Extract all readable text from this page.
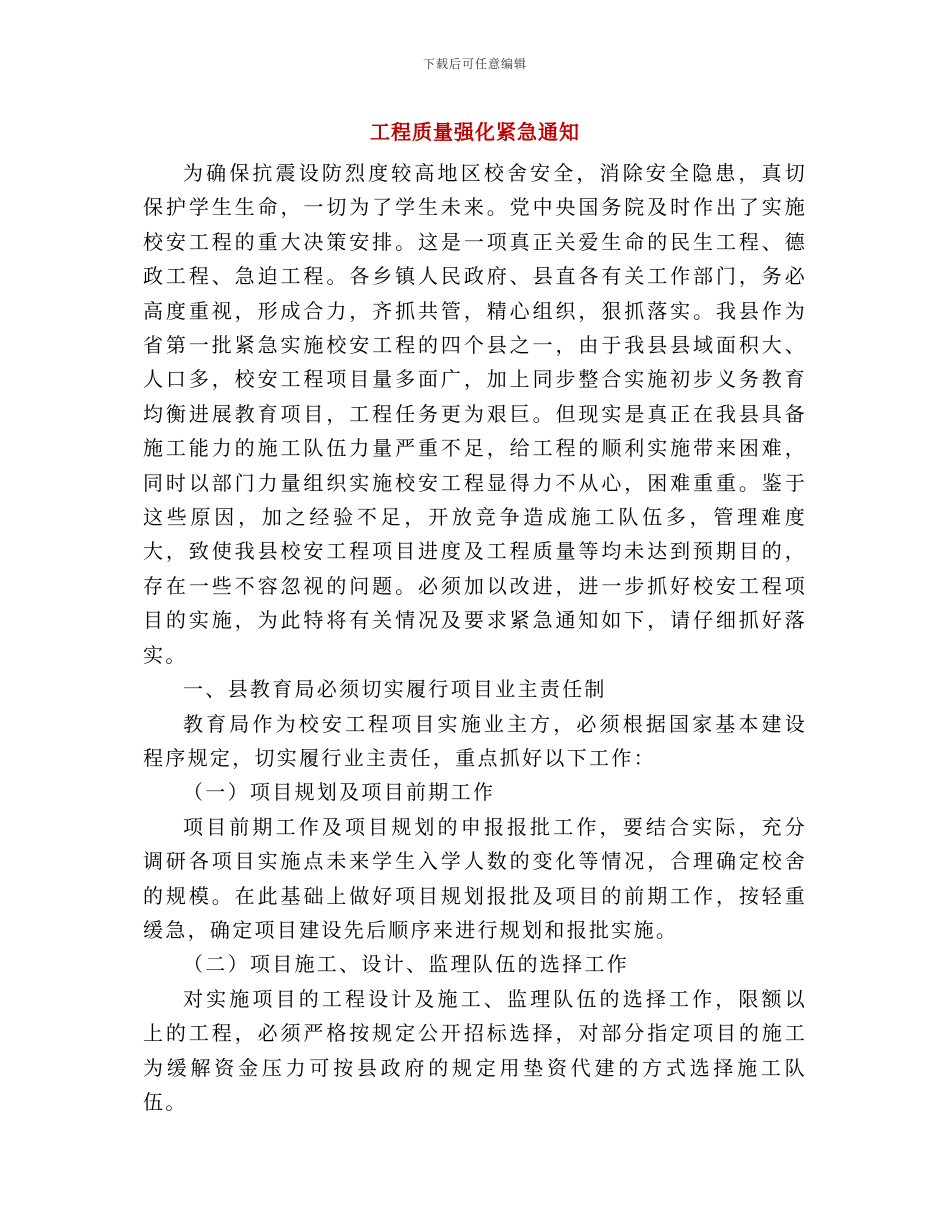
下载后可任意编辑
工程质量强化紧急通知

为确保抗震设防烈度较高地区校舍安全，消除安全隐患，真切保护学生生命，一切为了学生未来。党中央国务院及时作出了实施校安工程的重大决策安排。这是一项真正关爱生命的民生工程、德政工程、急迫工程。各乡镇人民政府、县直各有关工作部门，务必高度重视，形成合力，齐抓共管，精心组织，狠抓落实。我县作为省第一批紧急实施校安工程的四个县之一，由于我县县域面积大、人口多，校安工程项目量多面广，加上同步整合实施初步义务教育均衡进展教育项目，工程任务更为艰巨。但现实是真正在我县具备施工能力的施工队伍力量严重不足，给工程的顺利实施带来困难，同时以部门力量组织实施校安工程显得力不从心，困难重重。鉴于这些原因，加之经验不足，开放竞争造成施工队伍多，管理难度大，致使我县校安工程项目进度及工程质量等均未达到预期目的，存在一些不容忽视的问题。必须加以改进，进一步抓好校安工程项目的实施，为此特将有关情况及要求紧急通知如下，请仔细抓好落实。

一、县教育局必须切实履行项目业主责任制

教育局作为校安工程项目实施业主方，必须根据国家基本建设程序规定，切实履行业主责任，重点抓好以下工作：

（一）项目规划及项目前期工作

项目前期工作及项目规划的申报报批工作，要结合实际，充分调研各项目实施点未来学生入学人数的变化等情况，合理确定校舍的规模。在此基础上做好项目规划报批及项目的前期工作，按轻重缓急，确定项目建设先后顺序来进行规划和报批实施。

（二）项目施工、设计、监理队伍的选择工作

对实施项目的工程设计及施工、监理队伍的选择工作，限额以上的工程，必须严格按规定公开招标选择，对部分指定项目的施工为缓解资金压力可按县政府的规定用垫资代建的方式选择施工队伍。
